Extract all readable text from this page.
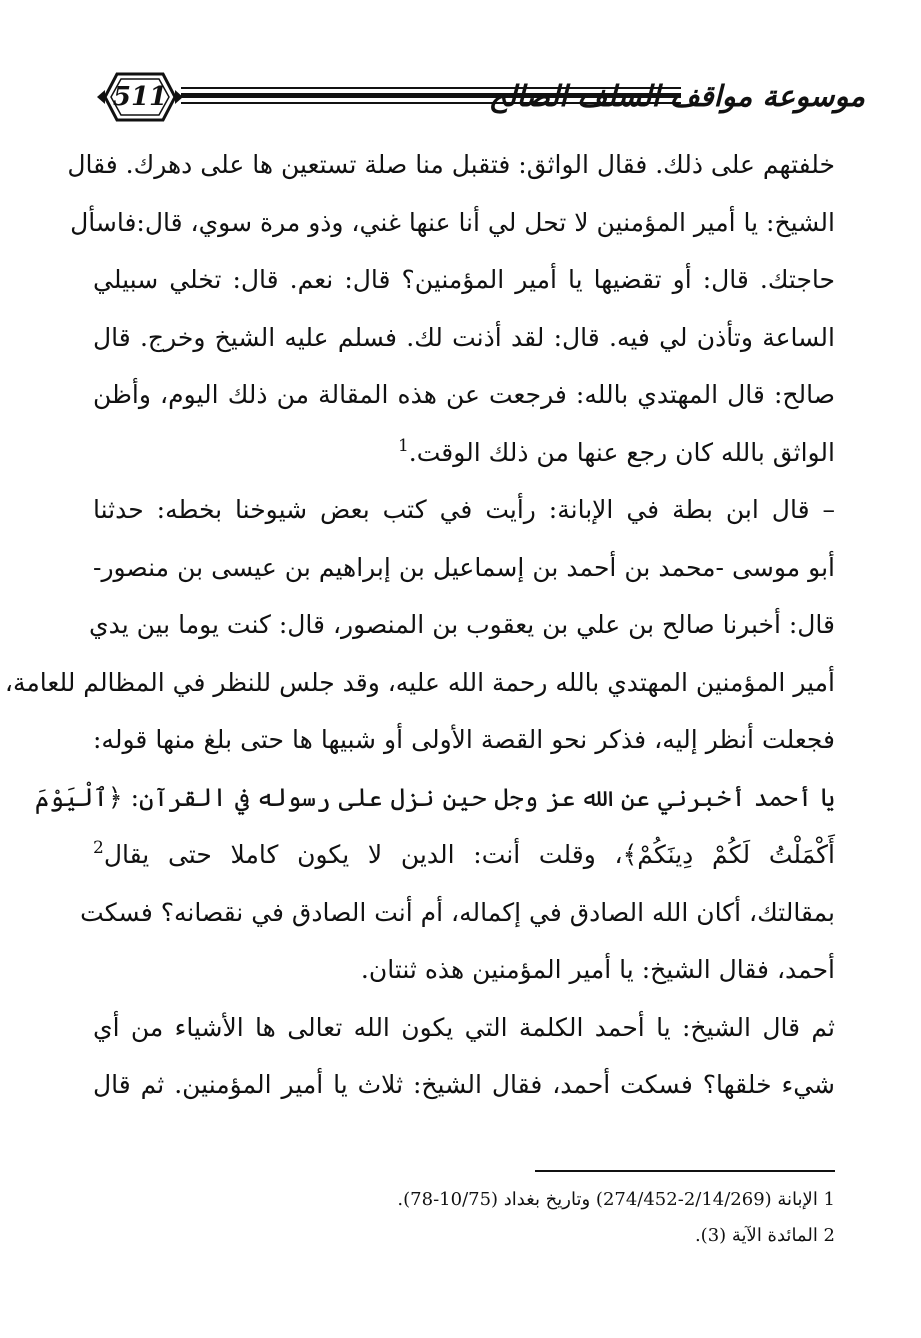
511	موسوعة مواقف السلف الصالح
خلفتهم على ذلك. فقال الواثق: فتقبل منا صلة تستعين ها على دهرك. فقال
الشيخ: يا أمير المؤمنين لا تحل لي أنا عنها غني، وذو مرة سوي، قال:فاسأل
حاجتك. قال: أو تقضيها يا أمير المؤمنين؟ قال: نعم. قال: تخلي سبيلي
الساعة وتأذن لي فيه. قال: لقد أذنت لك. فسلم عليه الشيخ وخرج. قال
صالح: قال المهتدي بالله: فرجعت عن هذه المقالة من ذلك اليوم، وأظن
الواثق بالله كان رجع عنها من ذلك الوقت.$^1$
– قال ابن بطة في الإبانة: رأيت في كتب بعض شيوخنا بخطه: حدثنا
أبو موسى -محمد بن أحمد بن إسماعيل بن إبراهيم بن عيسى بن منصور-
قال: أخبرنا صالح بن علي بن يعقوب بن المنصور، قال: كنت يوما بين يدي
أمير المؤمنين المهتدي بالله رحمة الله عليه، وقد جلس للنظر في المظالم للعامة،
فجعلت أنظر إليه، فذكر نحو القصة الأولى أو شبيها ها حتى بلغ منها قوله:
يا أحمد أخبرني عن الله عز وجل حين نزل على رسوله في القرآن: ﴿ٱلْيَوْمَ
أَكْمَلْتُ لَكُمْ دِينَكُمْ﴾، وقلت أنت: الدين لا يكون كاملا حتى يقال$^2$
بمقالتك، أكان الله الصادق في إكماله، أم أنت الصادق في نقصانه؟ فسكت
أحمد، فقال الشيخ: يا أمير المؤمنين هذه ثنتان.
ثم قال الشيخ: يا أحمد الكلمة التي يكون الله تعالى ها الأشياء من أي
شيء خلقها؟ فسكت أحمد، فقال الشيخ: ثلاث يا أمير المؤمنين. ثم قال
1 الإبانة (2/14/269-274/452) وتاريخ بغداد (10/75-78).
2 المائدة الآية (3).
